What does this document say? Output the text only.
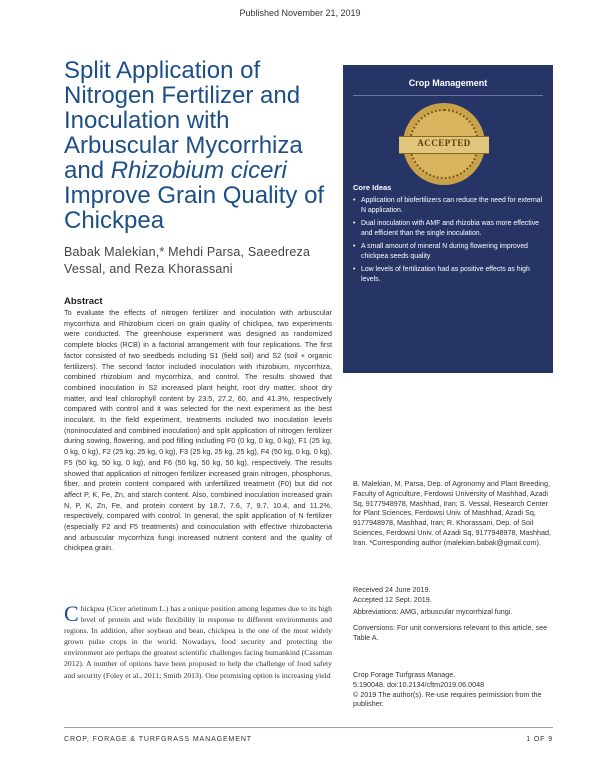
Published November 21, 2019
Split Application of Nitrogen Fertilizer and Inoculation with Arbuscular Mycorrhiza and Rhizobium ciceri Improve Grain Quality of Chickpea
Babak Malekian,* Mehdi Parsa, Saeedreza Vessal, and Reza Khorassani
Abstract
To evaluate the effects of nitrogen fertilizer and inoculation with arbuscular mycorrhiza and Rhizobium ciceri on grain quality of chickpea, two experiments were conducted. The greenhouse experiment was designed as randomized complete blocks (RCB) in a factorial arrangement with four replications. The first factor consisted of two seedbeds including S1 (field soil) and S2 (soil + organic fertilizers). The second factor included inoculation with rhizobium, mycorrhiza, combined rhizobium and mycorrhiza, and control. The results showed that combined inoculation in S2 increased plant height, root dry matter, shoot dry matter, and leaf chlorophyll content by 23.5, 27.2, 60, and 41.3%, respectively compared with control and it was selected for the next experiment as the best inoculant. In the field experiment, treatments included two inoculation levels (noninoculated and combined inoculation) and split application of nitrogen fertilizer during sowing, flowering, and pod filling including F0 (0 kg, 0 kg, 0 kg), F1 (25 kg, 0 kg, 0 kg), F2 (25 kg, 25 kg, 0 kg), F3 (25 kg, 25 kg, 25 kg), F4 (50 kg, 0 kg, 0 kg), F5 (50 kg, 50 kg, 0 kg), and F6 (50 kg, 50 kg, 50 kg), respectively. The results showed that application of nitrogen fertilizer increased grain nitrogen, phosphorus, fiber, and protein content compared with unfertilized treatment (F0) but did not affect P, K, Fe, Zn, and starch content. Also, combined inoculation increased grain N, P, K, Zn, Fe, and protein content by 18.7, 7.6, 7, 9.7, 10.4, and 11.2%, respectively, compared with control. In general, the split application of N fertilizer (especially F2 and F5 treatments) and coinoculation with effective rhizobacteria and arbuscular mycorrhiza fungi increased nutrient content and the quality of chickpea grain.
Chickpea (Cicer arietinum L.) has a unique position among legumes due to its high level of protein and wide flexibility in response to different environments and regions. In addition, after soybean and bean, chickpea is the one of the most widely grown pulse crops in the world. Nowadays, food security and protecting the environment are perhaps the greatest scientific challenges facing humankind (Cassman 2012). A number of options have been proposed to help the challenge of food safety and security (Foley et al., 2011; Smith 2013). One promising option is increasing yield
Crop Management
ACCEPTED
Core Ideas
• Application of biofertilizers can reduce the need for external N application.
• Dual inoculation with AMF and rhizobia was more effective and efficient than the single inoculation.
• A small amount of mineral N during flowering improved chickpea seeds quality
• Low levels of fertilization had as positive effects as high levels.
B. Malekian, M. Parsa, Dep. of Agronomy and Plant Breeding, Faculty of Agriculture, Ferdowsi University of Mashhad, Azadi Sq, 9177948978, Mashhad, Iran; S. Vessal, Research Center for Plant Sciences, Ferdowsi Univ. of Mashhad, Azadi Sq, 9177948978, Mashhad, Iran; R. Khorassani, Dep. of Soil Sciences, Ferdowsi Univ. of Azadi Sq, 9177948978, Mashhad, Iran. *Corresponding author (malekian.babak@gmail.com).
Received 24 June 2019.
Accepted 12 Sept. 2019.
Abbreviations: AMG, arbuscular mycorrhizal fungi.
Conversions: For unit conversions relevant to this article, see Table A.
Crop Forage Turfgrass Manage.
5:190048. doi:10.2134/cftm2019.06.0048
© 2019 The author(s). Re-use requires permission from the publisher.
CROP, FORAGE & TURFGRASS MANAGEMENT	1 OF 9
